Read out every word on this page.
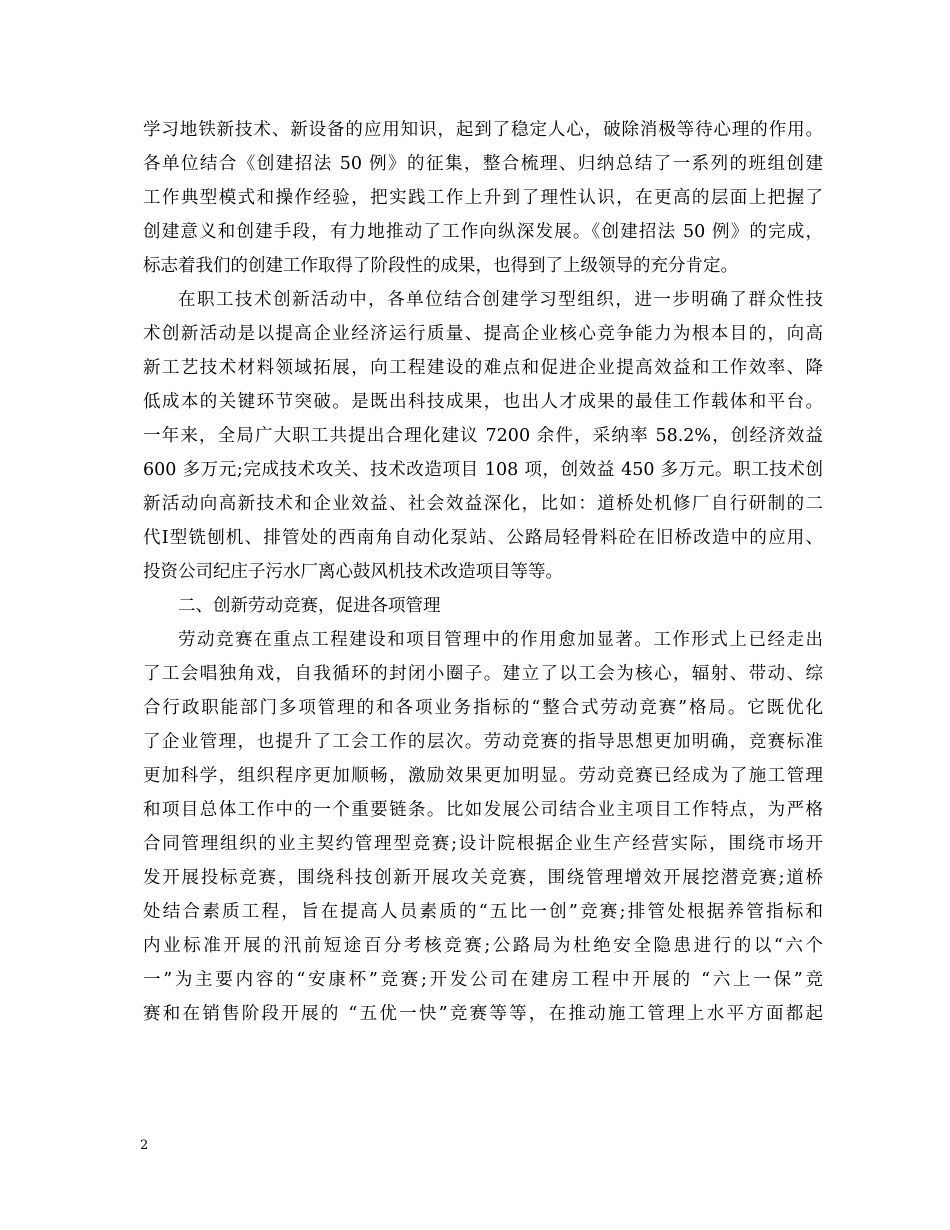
学习地铁新技术、新设备的应用知识，起到了稳定人心，破除消极等待心理的作用。
各单位结合《创建招法 50 例》的征集，整合梳理、归纳总结了一系列的班组创建
工作典型模式和操作经验，把实践工作上升到了理性认识，在更高的层面上把握了
创建意义和创建手段，有力地推动了工作向纵深发展。《创建招法 50 例》的完成，
标志着我们的创建工作取得了阶段性的成果，也得到了上级领导的充分肯定。
在职工技术创新活动中，各单位结合创建学习型组织，进一步明确了群众性技
术创新活动是以提高企业经济运行质量、提高企业核心竞争能力为根本目的，向高
新工艺技术材料领域拓展，向工程建设的难点和促进企业提高效益和工作效率、降
低成本的关键环节突破。是既出科技成果，也出人才成果的最佳工作载体和平台。
一年来，全局广大职工共提出合理化建议 7200 余件，采纳率 58.2%，创经济效益
600 多万元;完成技术攻关、技术改造项目 108 项，创效益 450 多万元。职工技术创
新活动向高新技术和企业效益、社会效益深化，比如：道桥处机修厂自行研制的二
代Ⅰ型铣刨机、排管处的西南角自动化泵站、公路局轻骨料砼在旧桥改造中的应用、
投资公司纪庄子污水厂离心鼓风机技术改造项目等等。
二、创新劳动竞赛，促进各项管理
劳动竞赛在重点工程建设和项目管理中的作用愈加显著。工作形式上已经走出
了工会唱独角戏，自我循环的封闭小圈子。建立了以工会为核心，辐射、带动、综
合行政职能部门多项管理的和各项业务指标的“整合式劳动竞赛”格局。它既优化
了企业管理，也提升了工会工作的层次。劳动竞赛的指导思想更加明确，竞赛标准
更加科学，组织程序更加顺畅，激励效果更加明显。劳动竞赛已经成为了施工管理
和项目总体工作中的一个重要链条。比如发展公司结合业主项目工作特点，为严格
合同管理组织的业主契约管理型竞赛;设计院根据企业生产经营实际，围绕市场开
发开展投标竞赛，围绕科技创新开展攻关竞赛，围绕管理增效开展挖潜竞赛;道桥
处结合素质工程，旨在提高人员素质的“五比一创”竞赛;排管处根据养管指标和
内业标准开展的汛前短途百分考核竞赛;公路局为杜绝安全隐患进行的以“六个
一”为主要内容的“安康杯”竞赛;开发公司在建房工程中开展的 “六上一保”竞
赛和在销售阶段开展的 “五优一快”竞赛等等，在推动施工管理上水平方面都起
2
